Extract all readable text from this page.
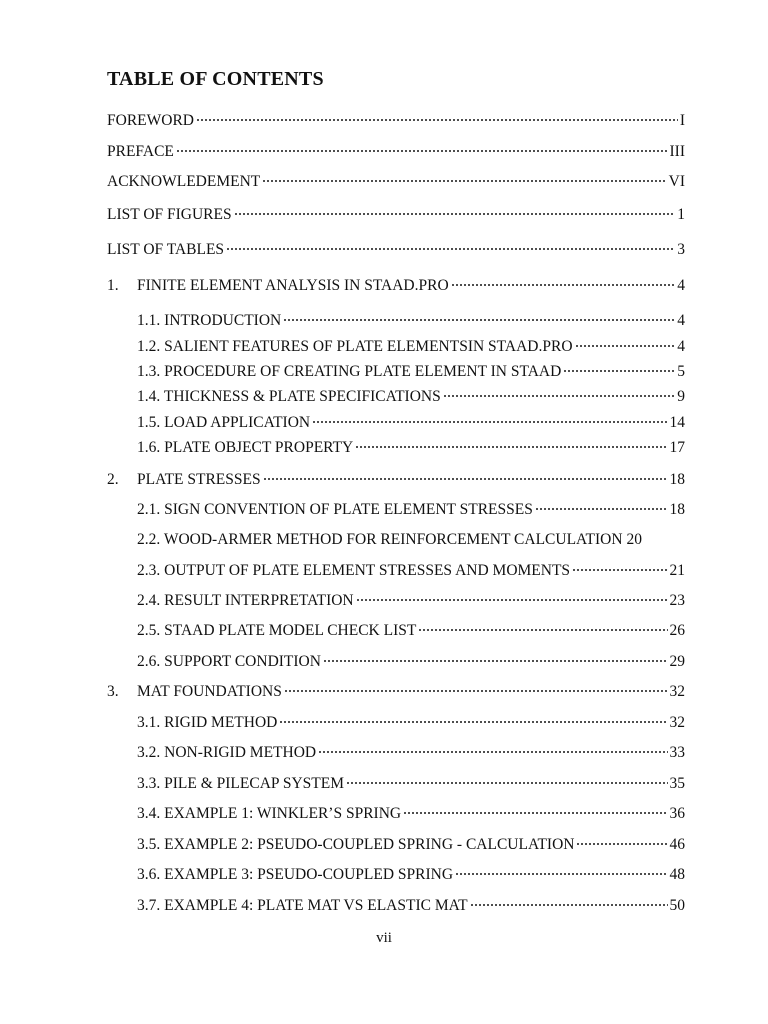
TABLE OF CONTENTS
FOREWORD	I
PREFACE	III
ACKNOWLEDEMENT	VI
LIST OF FIGURES	1
LIST OF TABLES	3
1.	FINITE ELEMENT ANALYSIS IN STAAD.PRO	4
1.1. INTRODUCTION	4
1.2. SALIENT FEATURES OF PLATE ELEMENTSIN STAAD.PRO	4
1.3. PROCEDURE OF CREATING PLATE ELEMENT IN STAAD	5
1.4. THICKNESS & PLATE SPECIFICATIONS	9
1.5. LOAD APPLICATION	14
1.6. PLATE OBJECT PROPERTY	17
2.	PLATE STRESSES	18
2.1. SIGN CONVENTION OF PLATE ELEMENT STRESSES	18
2.2. WOOD-ARMER METHOD FOR REINFORCEMENT CALCULATION 20
2.3. OUTPUT OF PLATE ELEMENT STRESSES AND MOMENTS	21
2.4. RESULT INTERPRETATION	23
2.5. STAAD PLATE MODEL CHECK LIST	26
2.6. SUPPORT CONDITION	29
3.	MAT FOUNDATIONS	32
3.1. RIGID METHOD	32
3.2. NON-RIGID METHOD	33
3.3. PILE & PILECAP SYSTEM	35
3.4. EXAMPLE 1: WINKLER’S SPRING	36
3.5. EXAMPLE 2: PSEUDO-COUPLED SPRING - CALCULATION	46
3.6. EXAMPLE 3: PSEUDO-COUPLED SPRING	48
3.7. EXAMPLE 4: PLATE MAT VS ELASTIC MAT	50
vii
